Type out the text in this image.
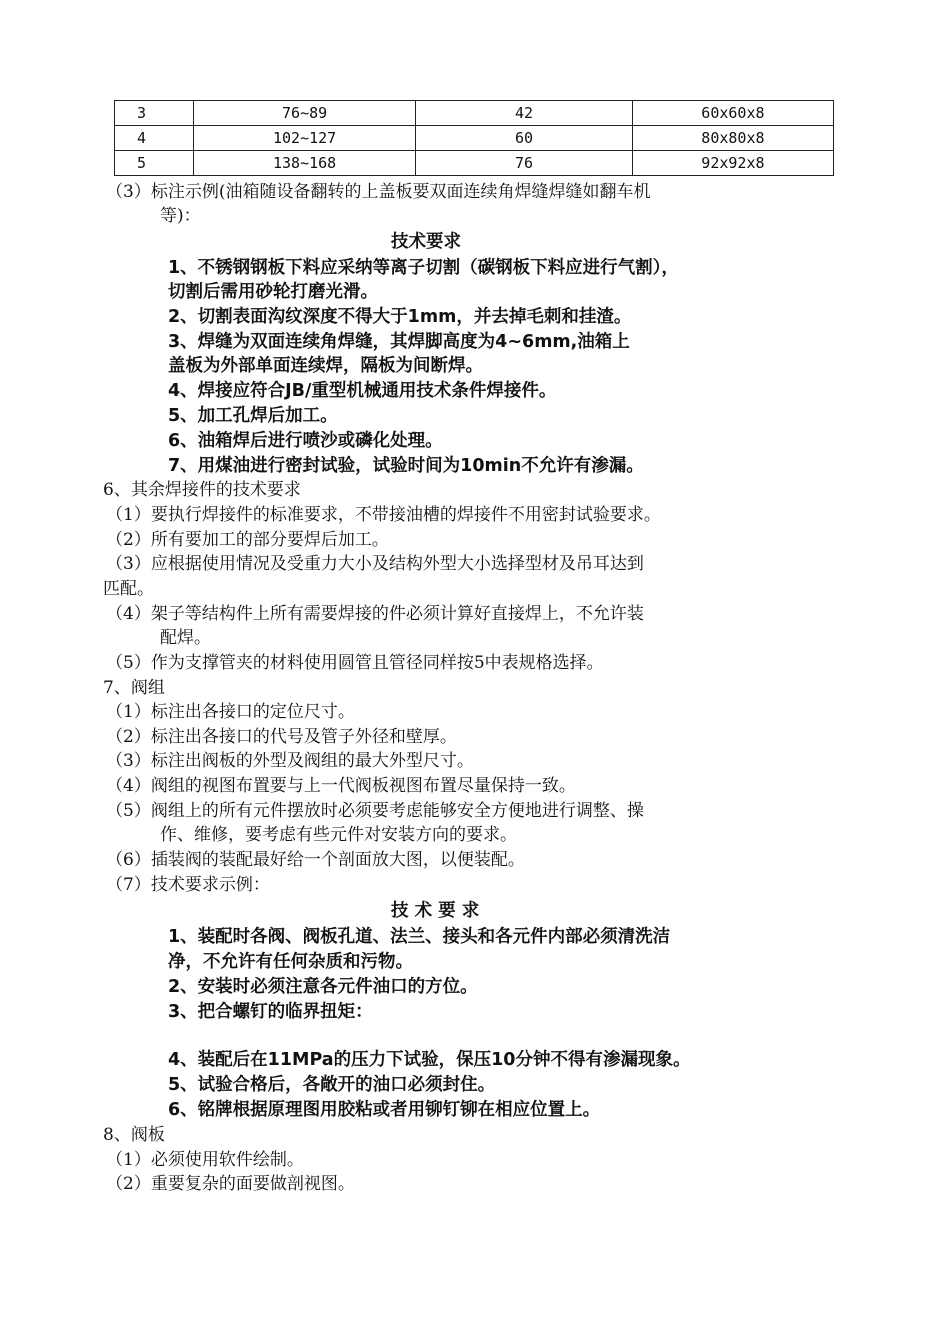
3	76~89	42	60x60x8
4	102~127	60	80x80x8
5	138~168	76	92x92x8
（3）标注示例(油箱随设备翻转的上盖板要双面连续角焊缝焊缝如翻车机
等)：
技术要求
1、不锈钢钢板下料应采纳等离子切割（碳钢板下料应进行气割），
切割后需用砂轮打磨光滑。
2、切割表面沟纹深度不得大于1mm，并去掉毛刺和挂渣。
3、焊缝为双面连续角焊缝，其焊脚高度为4~6mm,油箱上
盖板为外部单面连续焊，隔板为间断焊。
4、焊接应符合JB/重型机械通用技术条件焊接件。
5、加工孔焊后加工。
6、油箱焊后进行喷沙或磷化处理。
7、用煤油进行密封试验，试验时间为10min不允许有渗漏。
6、其余焊接件的技术要求
（1）要执行焊接件的标准要求，不带接油槽的焊接件不用密封试验要求。
（2）所有要加工的部分要焊后加工。
（3）应根据使用情况及受重力大小及结构外型大小选择型材及吊耳达到
匹配。
（4）架子等结构件上所有需要焊接的件必须计算好直接焊上，不允许装
配焊。
（5）作为支撑管夹的材料使用圆管且管径同样按5中表规格选择。
7、阀组
（1）标注出各接口的定位尺寸。
（2）标注出各接口的代号及管子外径和壁厚。
（3）标注出阀板的外型及阀组的最大外型尺寸。
（4）阀组的视图布置要与上一代阀板视图布置尽量保持一致。
（5）阀组上的所有元件摆放时必须要考虑能够安全方便地进行调整、操
作、维修，要考虑有些元件对安装方向的要求。
（6）插装阀的装配最好给一个剖面放大图，以便装配。
（7）技术要求示例：
技 术 要 求
1、装配时各阀、阀板孔道、法兰、接头和各元件内部必须清洗洁
净，不允许有任何杂质和污物。
2、安装时必须注意各元件油口的方位。
3、把合螺钉的临界扭矩：
4、装配后在11MPa的压力下试验，保压10分钟不得有渗漏现象。
5、试验合格后，各敞开的油口必须封住。
6、铭牌根据原理图用胶粘或者用铆钉铆在相应位置上。
8、阀板
（1）必须使用软件绘制。
（2）重要复杂的面要做剖视图。
